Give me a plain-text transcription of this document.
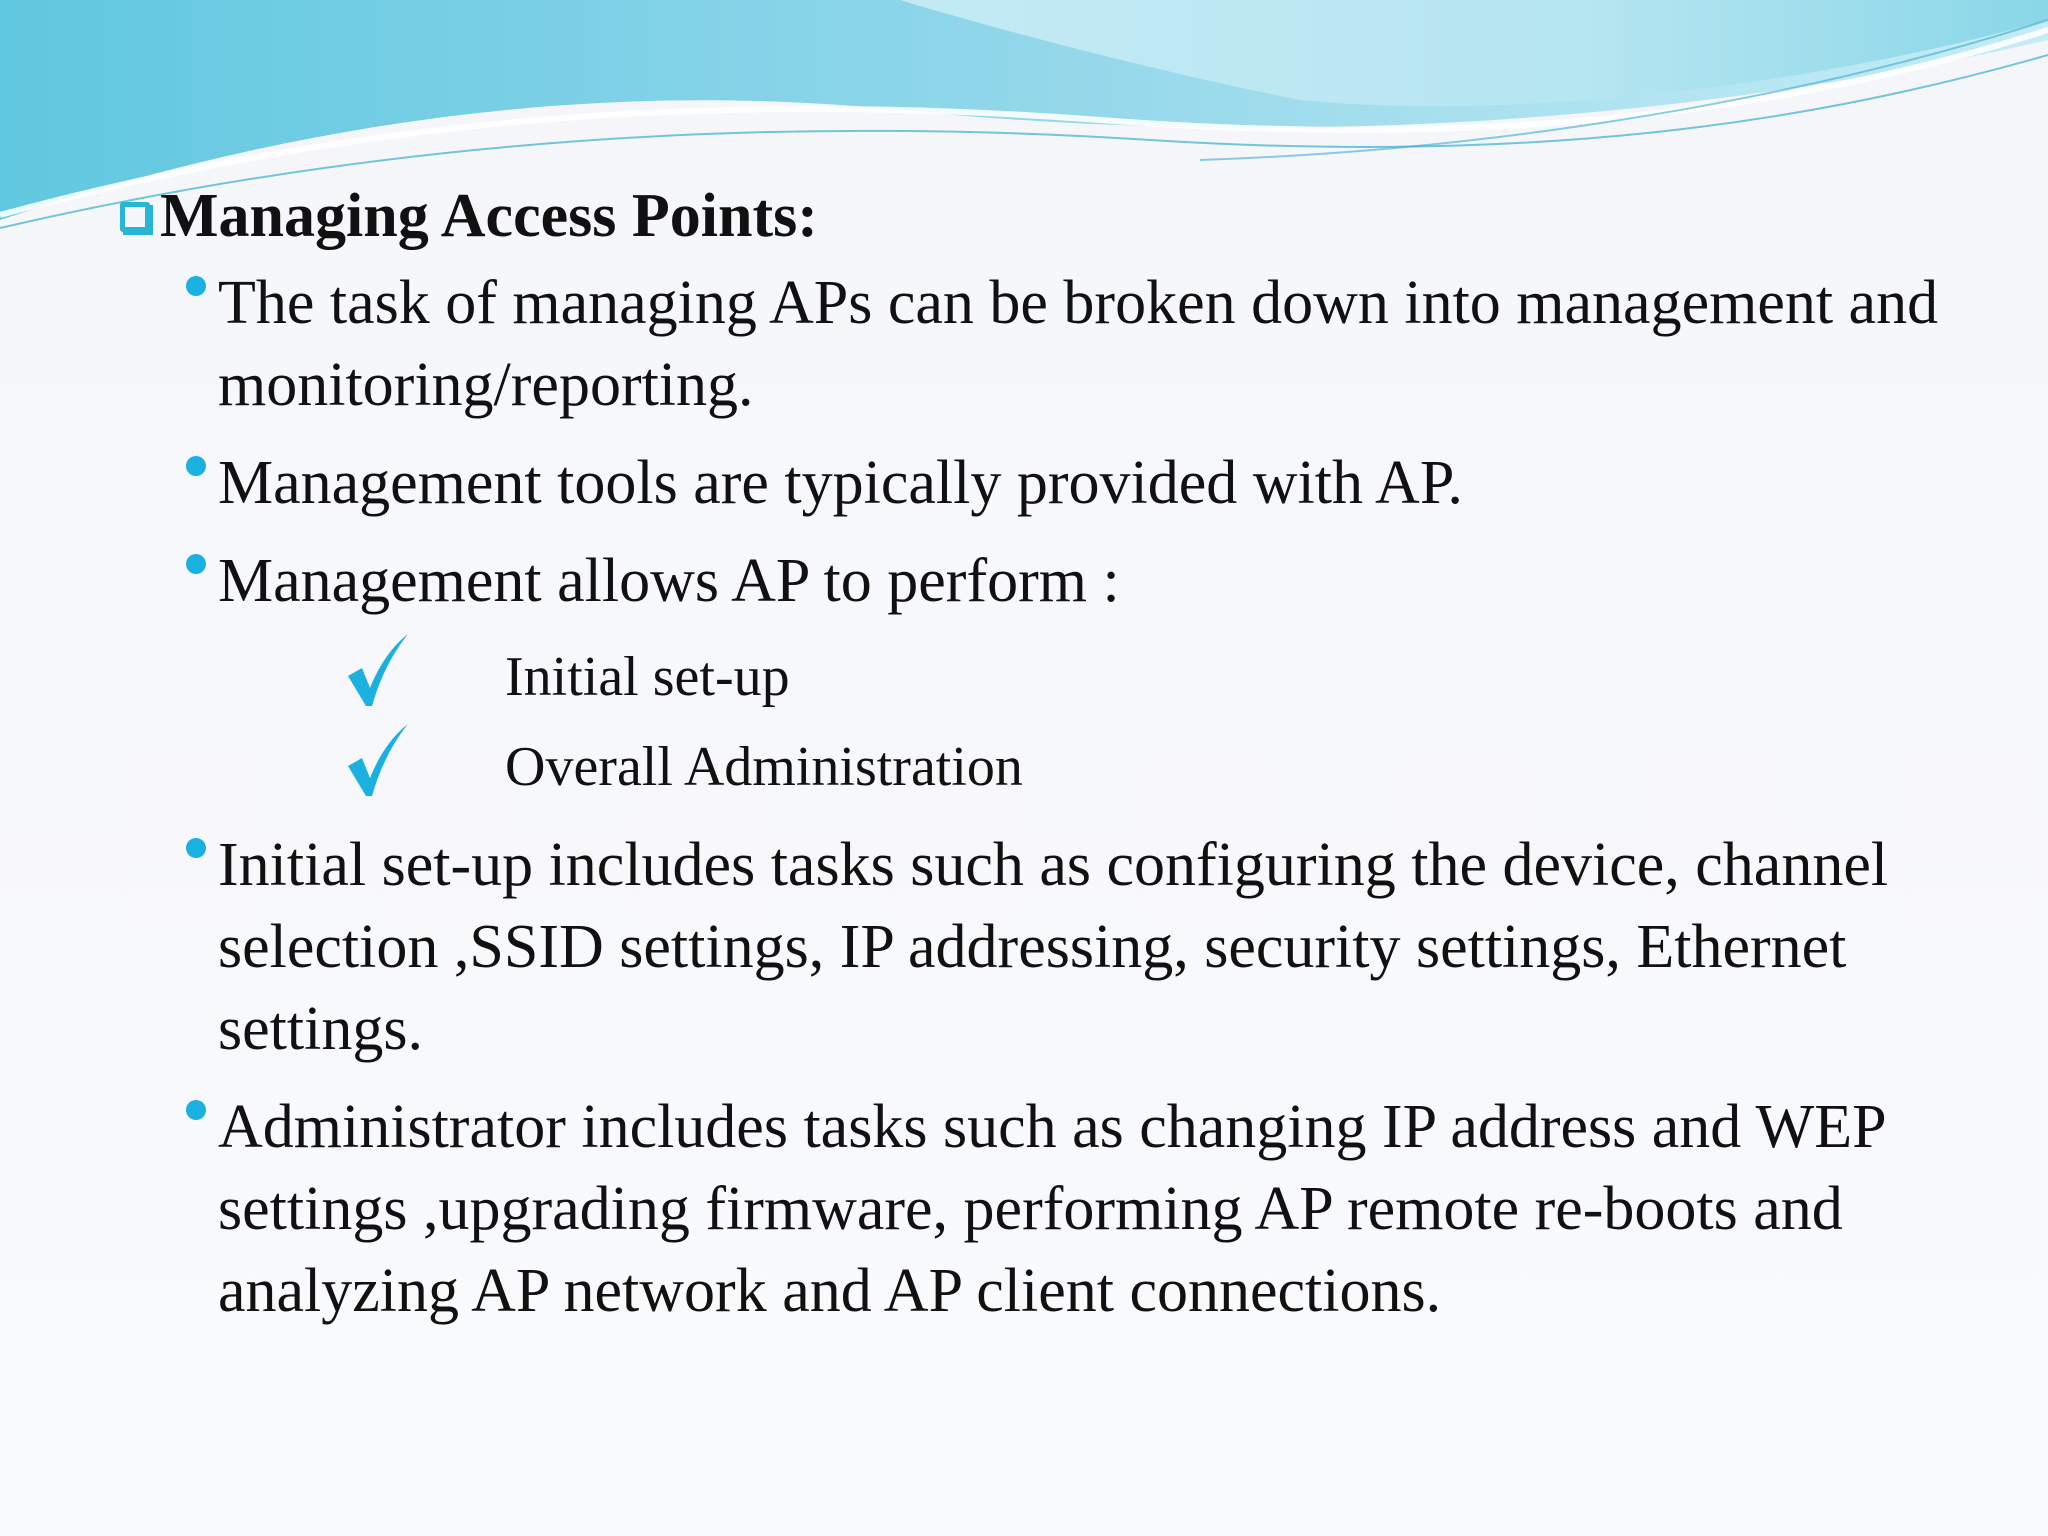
Managing Access Points:
The task of managing APs can be broken down into management and monitoring/reporting.
Management tools are typically provided with AP.
Management allows AP to perform :
Initial set-up
Overall Administration
Initial set-up includes tasks such as configuring the device, channel selection ,SSID settings, IP addressing, security settings, Ethernet settings.
Administrator includes tasks such as changing IP address and WEP settings ,upgrading firmware, performing AP remote re-boots and analyzing AP network and AP client connections.
